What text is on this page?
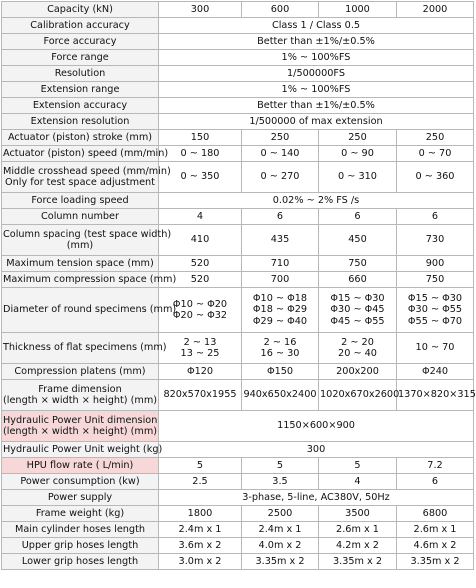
Capacity (kN)	300	600	1000	2000
Calibration accuracy	Class 1 / Class 0.5			
Force accuracy	Better than ±1%/±0.5%			
Force range	1% ~ 100%FS			
Resolution	1/500000FS			
Extension range	1% ~ 100%FS			
Extension accuracy	Better than ±1%/±0.5%			
Extension resolution	1/500000 of max extension			
Actuator (piston) stroke (mm)	150	250	250	250
Actuator (piston) speed (mm/min)	0 ~ 180	0 ~ 140	0 ~ 90	0 ~ 70

Middle crosshead speed (mm/min)
Only for test space adjustment	0 ~ 350	0 ~ 270	0 ~ 310	0 ~ 360
Force loading speed	0.02% ~ 2% FS /s			
Column number	4	6	6	6

Column spacing (test space width)
(mm)	410	435	450	730
Maximum tension space (mm)	520	710	750	900
Maximum compression space (mm)	520	700	660	750
Diameter of round specimens (mm)	Φ10 ~ Φ20
Φ20 ~ Φ32	Φ10 ~ Φ18
Φ18 ~ Φ29
Φ29 ~ Φ40	Φ15 ~ Φ30
Φ30 ~ Φ45
Φ45 ~ Φ55	Φ15 ~ Φ30
Φ30 ~ Φ55
Φ55 ~ Φ70

Thickness of flat specimens (mm)	2 ~ 13
13 ~ 25	2 ~ 16
16 ~ 30	2 ~ 20
20 ~ 40	10 ~ 70
Compression platens (mm)	Φ120	Φ150	200x200	Φ240

Frame dimension
(length × width × height) (mm)	820x570x1955	940x650x2400	1020x670x2600	1370×820×315

Hydraulic Power Unit dimension
(length × width × height) (mm)	1150×600×900			
Hydraulic Power Unit weight (kg)	300			
HPU flow rate ( L/min)	5	5	5	7.2
Power consumption (kw)	2.5	3.5	4	6
Power supply	3-phase, 5-line, AC380V, 50Hz			
Frame weight (kg)	1800	2500	3500	6800
Main cylinder hoses length	2.4m x 1	2.4m x 1	2.6m x 1	2.6m x 1
Upper grip hoses length	3.6m x 2	4.0m x 2	4.2m x 2	4.6m x 2
Lower grip hoses length	3.0m x 2	3.35m x 2	3.35m x 2	3.35m x 2
